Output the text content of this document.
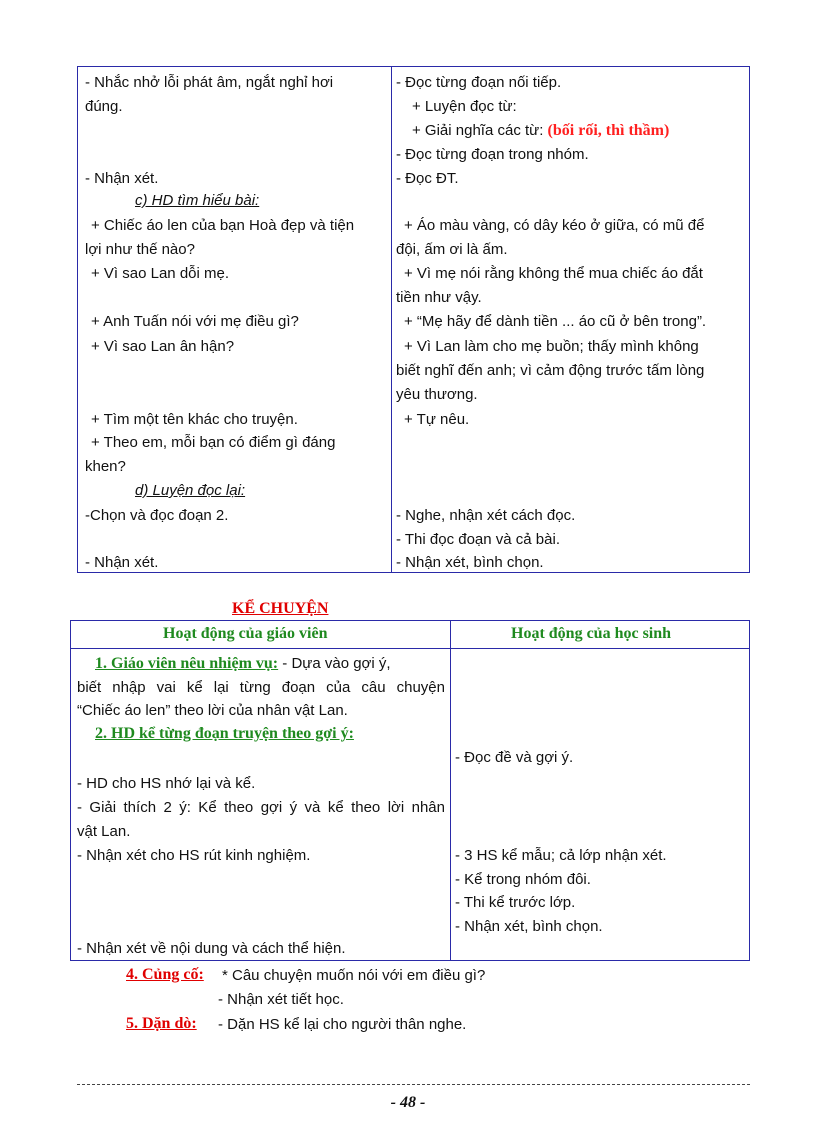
- Nhắc nhở lỗi phát âm, ngắt nghỉ hơi
đúng.
- Nhận xét.
c) HD tìm hiểu bài:
+ Chiếc áo len của bạn Hoà đẹp và tiện
lợi như thế nào?
+ Vì sao Lan dỗi mẹ.
+ Anh Tuấn nói với mẹ điều gì?
+ Vì sao Lan ân hận?
+ Tìm một tên khác cho truyện.
+ Theo em, mỗi bạn có điểm gì đáng
khen?
d) Luyện đọc lại:
-Chọn và đọc đoạn 2.
- Nhận xét.
- Đọc từng đoạn nối tiếp.
+ Luyện đọc từ:
+ Giải nghĩa các từ: (bối rối, thì thầm)
- Đọc từng đoạn trong nhóm.
- Đọc ĐT.
+ Áo màu vàng, có dây kéo ở giữa, có mũ để
đội, ấm ơi là ấm.
+ Vì mẹ nói rằng không thể mua chiếc áo đắt
tiền như vậy.
+ “Mẹ hãy để dành tiền ... áo cũ ở bên trong”.
+ Vì Lan làm cho mẹ buồn; thấy mình không
biết nghĩ đến anh; vì cảm động trước tấm lòng
yêu thương.
+ Tự nêu.
- Nghe, nhận xét cách đọc.
- Thi đọc đoạn và cả bài.
- Nhận xét, bình chọn.
KỂ CHUYỆN
Hoạt động của giáo viên	Hoạt động của học sinh
1. Giáo viên nêu nhiệm vụ: - Dựa vào gợi ý,
biết nhập vai kể lại từng đoạn của câu chuyện
“Chiếc áo len” theo lời của nhân vật Lan.
2. HD kể từng đoạn truyện theo gợi ý:
- HD cho HS nhớ lại và kể.
- Giải thích 2 ý: Kể theo gợi ý và kể theo lời nhân
vật Lan.
- Nhận xét cho HS rút kinh nghiệm.
- Nhận xét về nội dung và cách thể hiện.
- Đọc đề và gợi ý.
- 3 HS kể mẫu; cả lớp nhận xét.
- Kể trong nhóm đôi.
- Thi kể trước lớp.
- Nhận xét, bình chọn.
4. Củng cố: * Câu chuyện muốn nói với em điều gì?
- Nhận xét tiết học.
5. Dặn dò: - Dặn HS kể lại cho người thân nghe.
- 48 -
